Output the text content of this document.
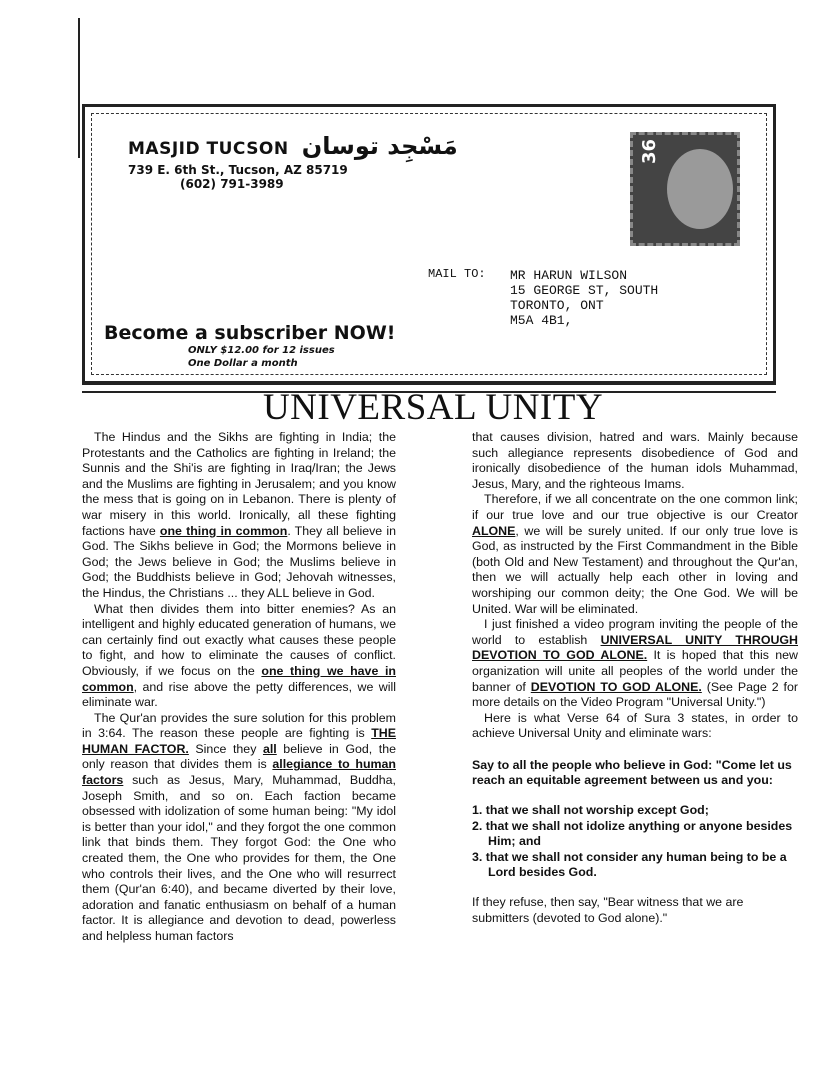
MASJID TUCSON مَسْجِد توسان
739 E. 6th St., Tucson, AZ 85719
(602) 791-3989
36
MAIL TO: MR HARUN WILSON
15 GEORGE ST, SOUTH
TORONTO, ONT
M5A 4B1,
Become a subscriber NOW!
ONLY $12.00 for 12 issues
One Dollar a month
UNIVERSAL UNITY

The Hindus and the Sikhs are fighting in India; the Protestants and the Catholics are fighting in Ireland; the Sunnis and the Shi'is are fighting in Iraq/Iran; the Jews and the Muslims are fighting in Jerusalem; and you know the mess that is going on in Lebanon. There is plenty of war misery in this world. Ironically, all these fighting factions have one thing in common. They all believe in God. The Sikhs believe in God; the Mormons believe in God; the Jews believe in God; the Muslims believe in God; the Buddhists believe in God; Jehovah witnesses, the Hindus, the Christians ... they ALL believe in God.

What then divides them into bitter enemies? As an intelligent and highly educated generation of humans, we can certainly find out exactly what causes these people to fight, and how to eliminate the causes of conflict. Obviously, if we focus on the one thing we have in common, and rise above the petty differences, we will eliminate war.

The Qur'an provides the sure solution for this problem in 3:64. The reason these people are fighting is THE HUMAN FACTOR. Since they all believe in God, the only reason that divides them is allegiance to human factors such as Jesus, Mary, Muhammad, Buddha, Joseph Smith, and so on. Each faction became obsessed with idolization of some human being: "My idol is better than your idol," and they forgot the one common link that binds them. They forgot God: the One who created them, the One who provides for them, the One who controls their lives, and the One who will resurrect them (Qur'an 6:40), and became diverted by their love, adoration and fanatic enthusiasm on behalf of a human factor. It is allegiance and devotion to dead, powerless and helpless human factors

that causes division, hatred and wars. Mainly because such allegiance represents disobedience of God and ironically disobedience of the human idols Muhammad, Jesus, Mary, and the righteous Imams.

Therefore, if we all concentrate on the one common link; if our true love and our true objective is our Creator ALONE, we will be surely united. If our only true love is God, as instructed by the First Commandment in the Bible (both Old and New Testament) and throughout the Qur'an, then we will actually help each other in loving and worshiping our common deity; the One God. We will be United. War will be eliminated.

I just finished a video program inviting the people of the world to establish UNIVERSAL UNITY THROUGH DEVOTION TO GOD ALONE. It is hoped that this new organization will unite all peoples of the world under the banner of DEVOTION TO GOD ALONE. (See Page 2 for more details on the Video Program "Universal Unity.")

Here is what Verse 64 of Sura 3 states, in order to achieve Universal Unity and eliminate wars:

Say to all the people who believe in God: "Come let us reach an equitable agreement between us and you:

1. that we shall not worship except God;
2. that we shall not idolize anything or anyone besides Him; and
3. that we shall not consider any human being to be a Lord besides God.

If they refuse, then say, "Bear witness that we are submitters (devoted to God alone)."
